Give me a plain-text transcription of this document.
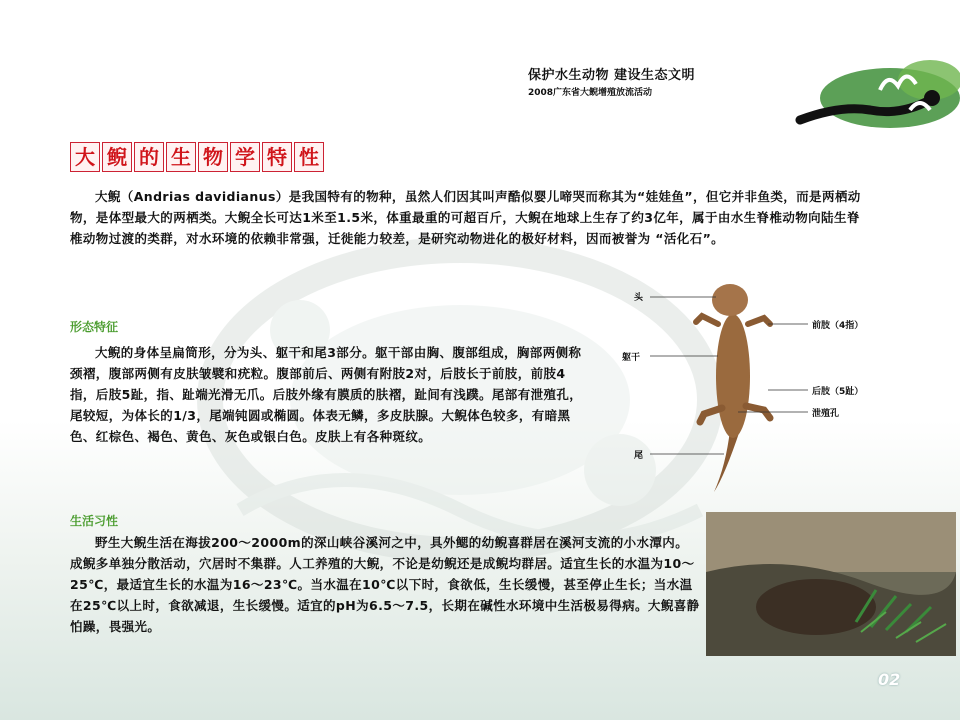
保护水生动物 建设生态文明
2008广东省大鲵增殖放流活动
大 鲵 的 生 物 学 特 性

大鲵（Andrias davidianus）是我国特有的物种，虽然人们因其叫声酷似婴儿啼哭而称其为“娃娃鱼”，但它并非鱼类，而是两栖动物，是体型最大的两栖类。大鲵全长可达1米至1.5米，体重最重的可超百斤，大鲵在地球上生存了约3亿年，属于由水生脊椎动物向陆生脊椎动物过渡的类群，对水环境的依赖非常强，迁徙能力较差，是研究动物进化的极好材料，因而被誉为 “活化石”。

形态特征

大鲵的身体呈扁筒形，分为头、躯干和尾3部分。躯干部由胸、腹部组成，胸部两侧称颈褶，腹部两侧有皮肤皱襞和疣粒。腹部前后、两侧有附肢2对，后肢长于前肢，前肢4指，后肢5趾，指、趾端光滑无爪。后肢外缘有膜质的肤褶，趾间有浅蹼。尾部有泄殖孔，尾较短，为体长的1/3，尾端钝圆或椭圆。体表无鳞，多皮肤腺。大鲵体色较多，有暗黑色、红棕色、褐色、黄色、灰色或银白色。皮肤上有各种斑纹。

头
躯干
尾
前肢（4指）
后肢（5趾）
泄殖孔
生活习性

野生大鲵生活在海拔200～2000m的深山峡谷溪河之中，具外鳃的幼鲵喜群居在溪河支流的小水潭内。成鲵多单独分散活动，穴居时不集群。人工养殖的大鲵，不论是幼鲵还是成鲵均群居。适宜生长的水温为10～25℃，最适宜生长的水温为16～23℃。当水温在10℃以下时，食欲低，生长缓慢，甚至停止生长；当水温在25℃以上时，食欲减退，生长缓慢。适宜的pH为6.5～7.5，长期在碱性水环境中生活极易得病。大鲵喜静怕躁，畏强光。

02
